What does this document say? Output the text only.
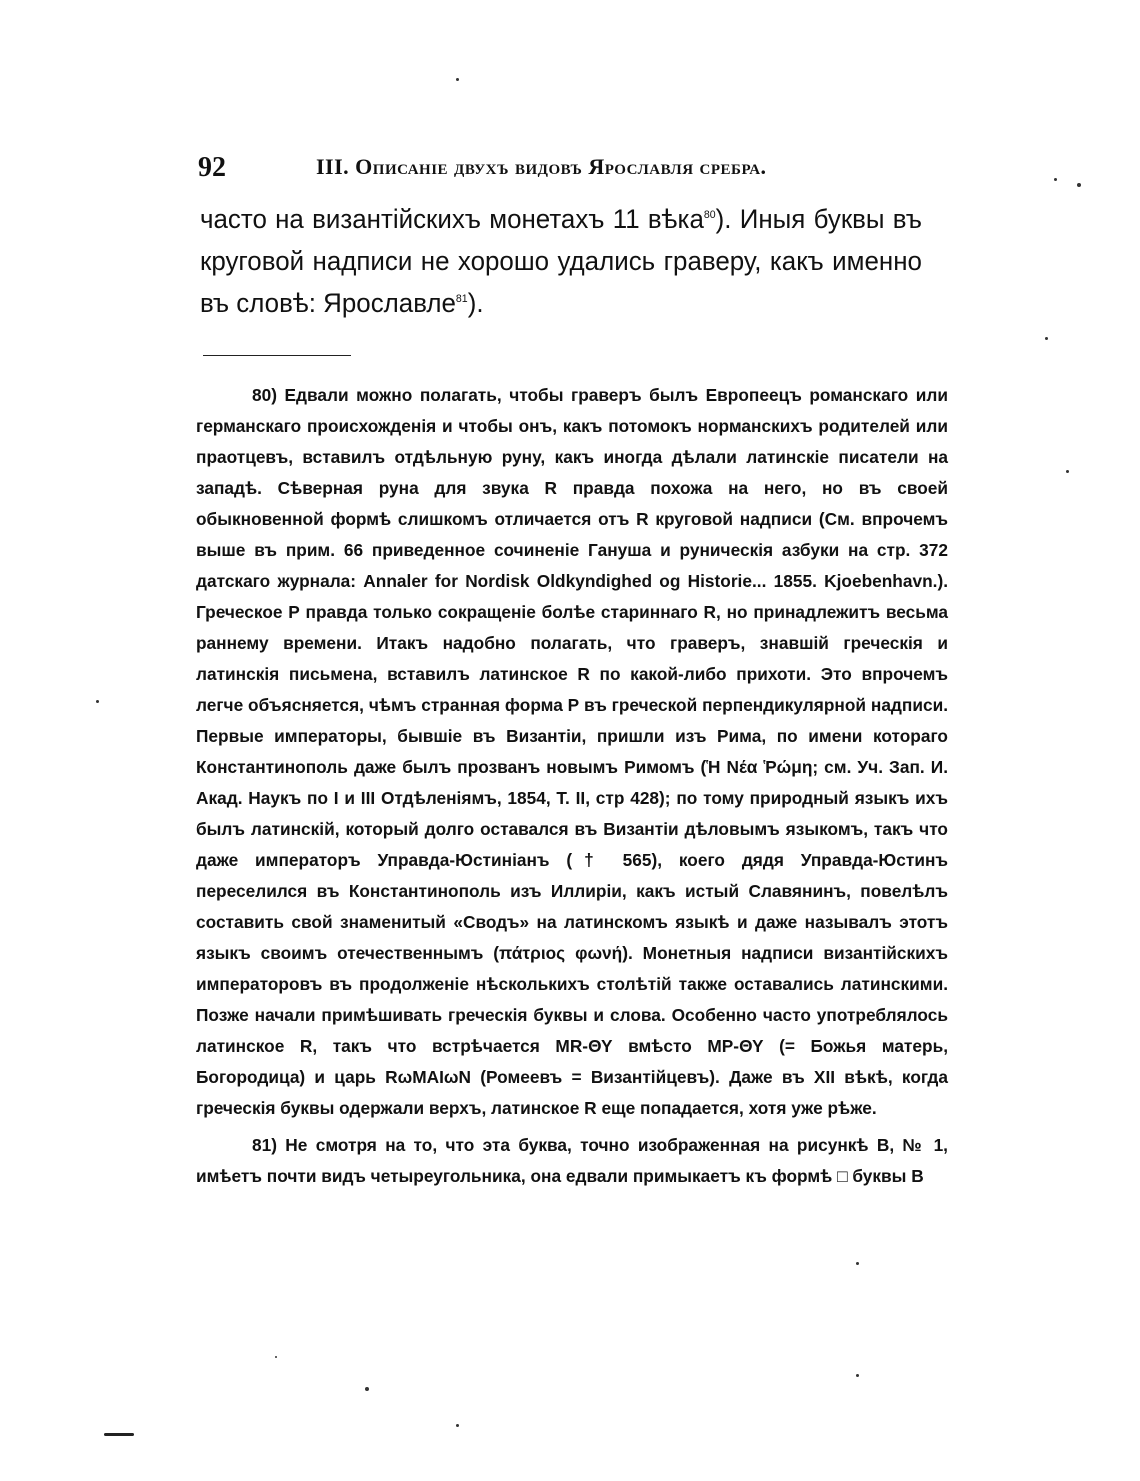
92	III. Описаніе двухъ видовъ Ярославля сребра.

часто на византійскихъ монетахъ 11 вѣка$^{80}$). Иныя буквы въ круговой надписи не хорошо удались граверу, какъ именно въ словѣ: Ярославле$^{81}$).

80) Едвали можно полагать, чтобы граверъ былъ Европеецъ романскаго или германскаго происхожденія и чтобы онъ, какъ потомокъ норманскихъ родителей или праотцевъ, вставилъ отдѣльную руну, какъ иногда дѣлали латинскіе писатели на западѣ. Сѣверная руна для звука R правда похожа на него, но въ своей обыкновенной формѣ слишкомъ отличается отъ R круговой надписи (См. впрочемъ выше въ прим. 66 приведенное сочиненіе Гануша и руническія азбуки на стр. 372 датскаго журнала: Annaler for Nordisk Oldkyndighed og Historie... 1855. Kjoebenhavn.). Греческое Р правда только сокращеніе болѣе стариннаго R, но принадлежитъ весьма раннему времени. Итакъ надобно полагать, что граверъ, знавшій греческія и латинскія письмена, вставилъ латинское R по какой-либо прихоти. Это впрочемъ легче объясняется, чѣмъ странная форма Р въ греческой перпендикулярной надписи. Первые императоры, бывшіе въ Византіи, пришли изъ Рима, по имени котораго Константинополь даже былъ прозванъ новымъ Римомъ (Ἡ Νέα Ῥώμη; см. Уч. Зап. И. Акад. Наукъ по I и III Отдѣленіямъ, 1854, Т. II, стр 428); по тому природный языкъ ихъ былъ латинскій, который долго оставался въ Византіи дѣловымъ языкомъ, такъ что даже императоръ Управда-Юстиніанъ († 565), коего дядя Управда-Юстинъ переселился въ Константинополь изъ Иллиріи, какъ истый Славянинъ, повелѣлъ составить свой знаменитый «Сводъ» на латинскомъ языкѣ и даже называлъ этотъ языкъ своимъ отечественнымъ (πάτριος φωνή). Монетныя надписи византійскихъ императоровъ въ продолженіе нѣсколькихъ столѣтій также оставались латинскими. Позже начали примѣшивать греческія буквы и слова. Особенно часто употреблялось латинское R, такъ что встрѣчается MR-ΘΥ вмѣсто MP-ΘΥ (= Божья матерь, Богородица) и царь RωMAIωN (Ромеевъ = Византійцевъ). Даже въ XII вѣкѣ, когда греческія буквы одержали верхъ, латинское R еще попадается, хотя уже рѣже.

81) Не смотря на то, что эта буква, точно изображенная на рисункѣ В, № 1, имѣетъ почти видъ четыреугольника, она едвали примыкаетъ къ формѣ □ буквы В
